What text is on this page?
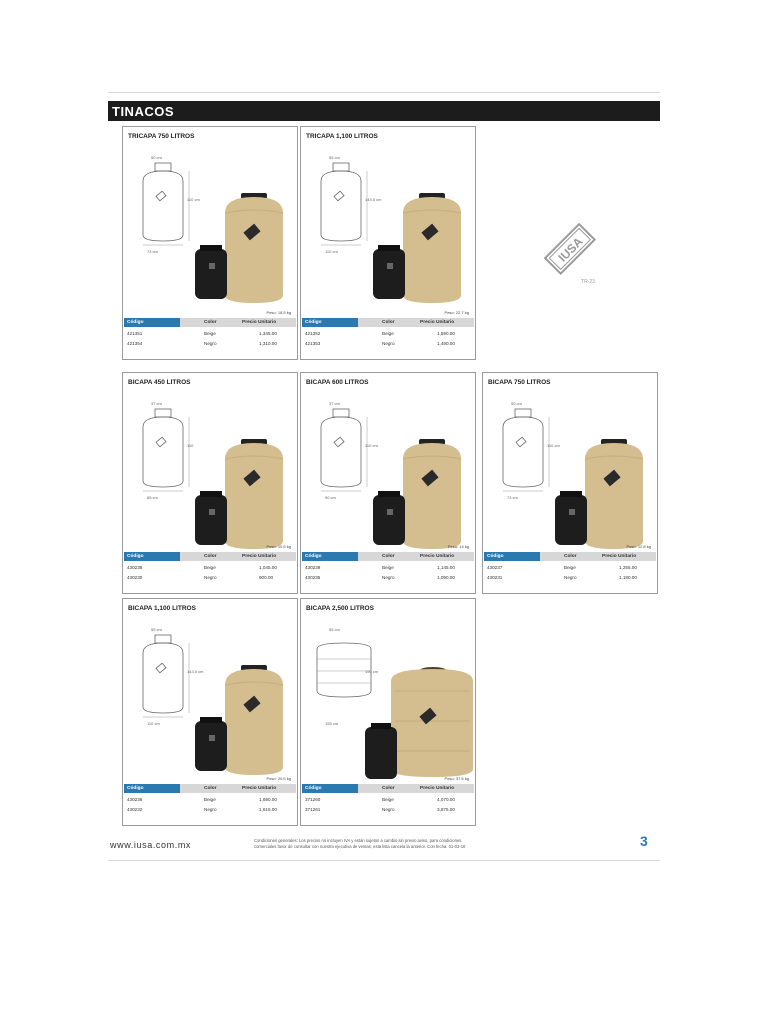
TINACOS
TRICAPA 750 LITROS
50 cm
110 cm
73 cm
Peso: 18.5 kg
Código	Color	Precio Unitario
421351	Beige	1,345.00
421354	Negro	1,310.00
TRICAPA 1,100 LITROS
55 cm
143.5 cm
110 cm
Peso: 22.7 kg
Código	Color	Precio Unitario
421352	Beige	1,590.00
421353	Negro	1,490.00
BICAPA 450 LITROS
37 cm
110
85 cm
Peso: 10.5 kg
Código	Color	Precio Unitario
430238	Beige	1,045.00
430230	Negro	900.00
BICAPA 600 LITROS
37 cm
110 cm
90 cm
Peso: 14 kg
Código	Color	Precio Unitario
430239	Beige	1,145.00
430235	Negro	1,090.00
BICAPA 750 LITROS
50 cm
110 cm
73 cm
Peso: 12.8 kg
Código	Color	Precio Unitario
430237	Beige	1,255.00
430231	Negro	1,180.00
BICAPA 1,100 LITROS
55 cm
143.5 cm
110 cm
Peso: 20.5 kg
Código	Color	Precio Unitario
430236	Beige	1,690.00
430232	Negro	1,615.00
BICAPA 2,500 LITROS
55 cm
150 cm
155 cm
Peso: 37.5 kg
Código	Color	Precio Unitario
371260	Beige	4,070.00
371261	Negro	3,875.00
IUSA
TR-23
www.iusa.com.mx	Condiciones generales: Los precios no incluyen IVA y están sujetos a cambio sin previo aviso, para condiciones
comerciales favor de consultar con nuestra ejecutiva de ventas, esta lista cancela la anterior. Con fecha: 01-03-10	3
